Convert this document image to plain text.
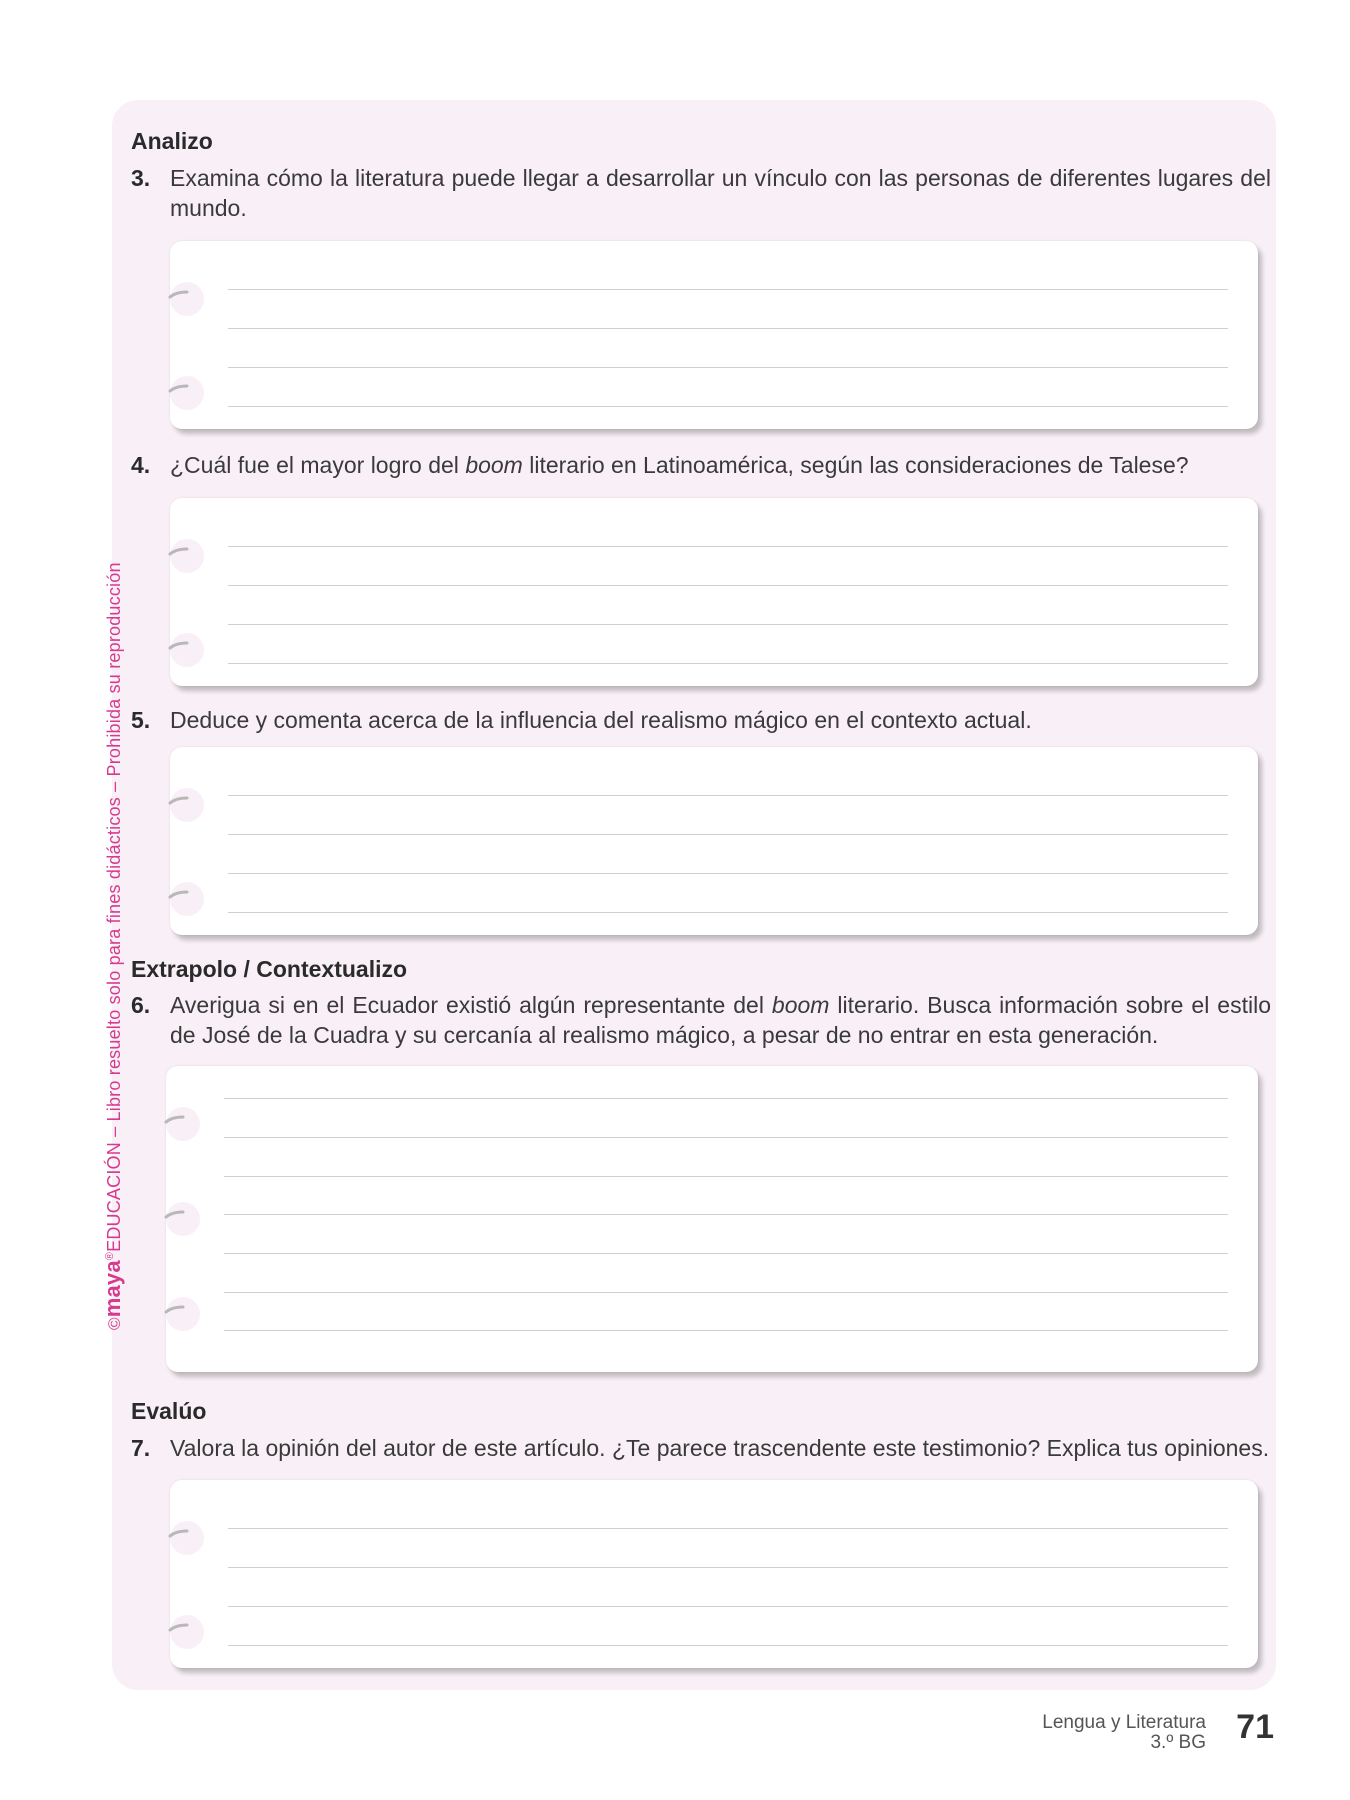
©maya®EDUCACIÓN – Libro resuelto solo para fines didácticos – Prohibida su reproducción
Analizo
3. Examina cómo la literatura puede llegar a desarrollar un vínculo con las personas de diferentes lugares del mundo.
4. ¿Cuál fue el mayor logro del boom literario en Latinoamérica, según las consideraciones de Talese?
5. Deduce y comenta acerca de la influencia del realismo mágico en el contexto actual.
Extrapolo / Contextualizo
6. Averigua si en el Ecuador existió algún representante del boom literario. Busca información sobre el estilo de José de la Cuadra y su cercanía al realismo mágico, a pesar de no entrar en esta generación.
Evalúo
7. Valora la opinión del autor de este artículo. ¿Te parece trascendente este testimonio? Explica tus opiniones.
Lengua y Literatura
3.º BG 71
